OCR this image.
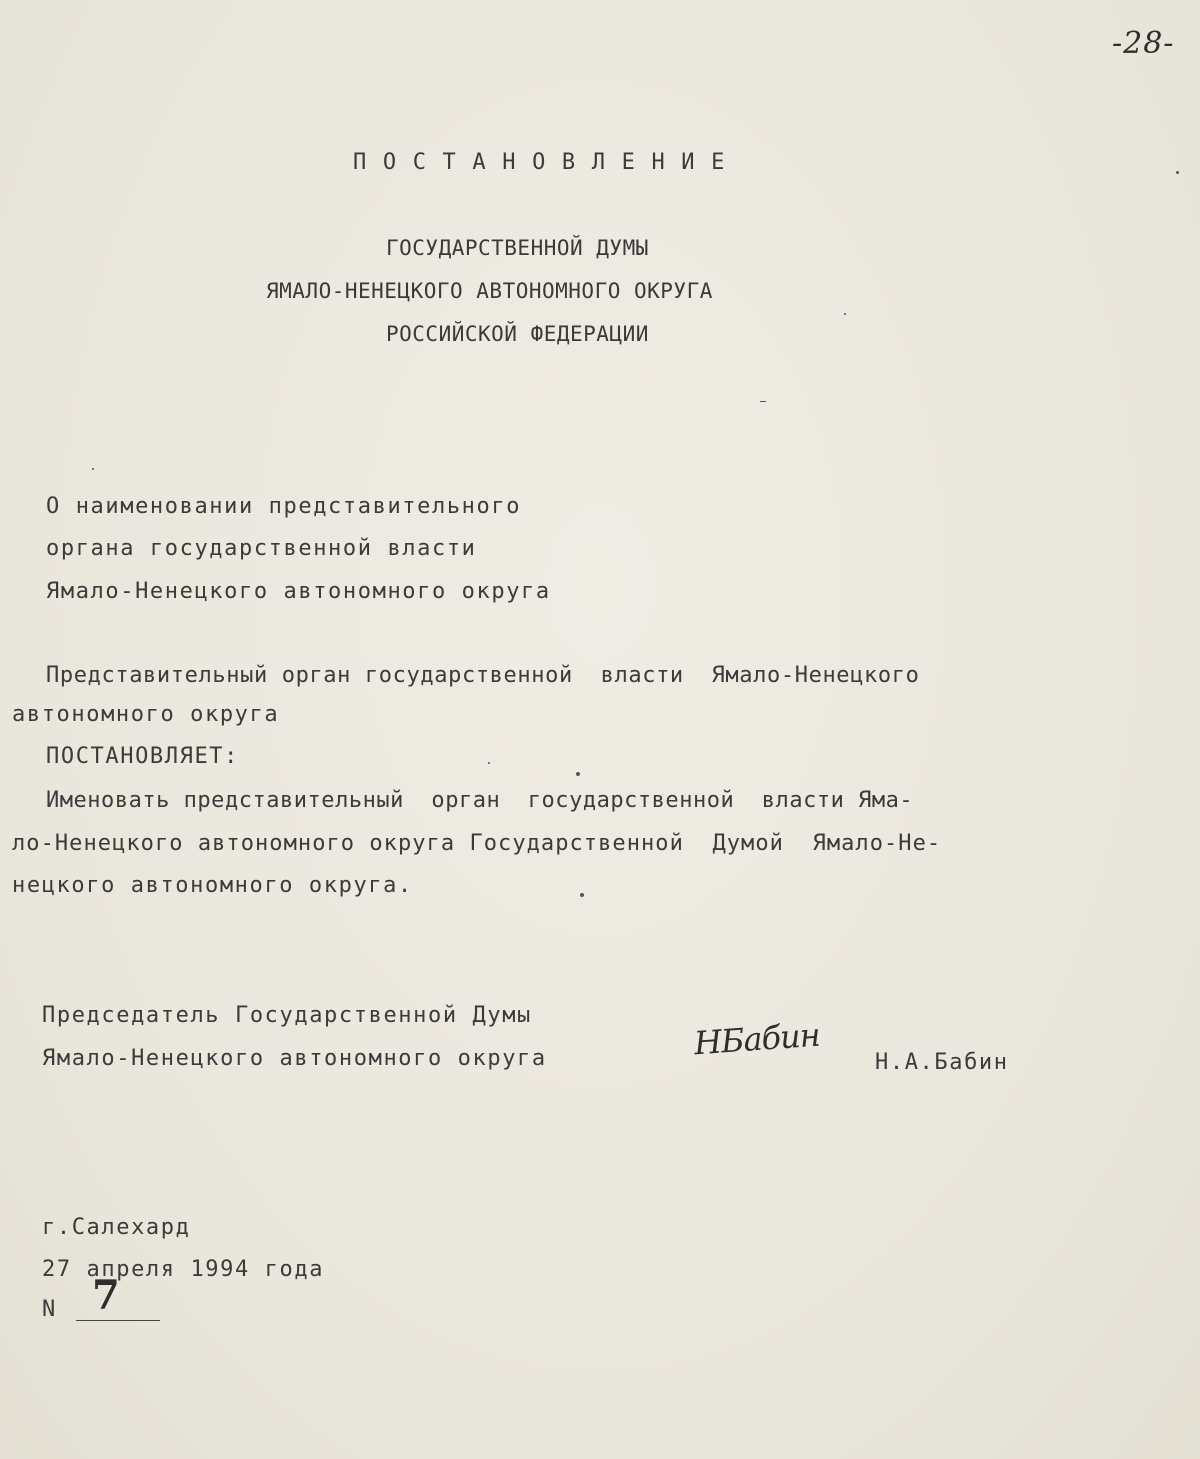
-28-
ПОСТАНОВЛЕНИЕ
ГОСУДАРСТВЕННОЙ ДУМЫ
ЯМАЛО-НЕНЕЦКОГО АВТОНОМНОГО ОКРУГА
РОССИЙСКОЙ ФЕДЕРАЦИИ
О наименовании представительного
органа государственной власти
Ямало-Ненецкого автономного округа
Представительный орган государственной  власти  Ямало-Ненецкого
автономного округа
ПОСТАНОВЛЯЕТ:
Именовать представительный  орган  государственной  власти Яма-
ло-Ненецкого автономного округа Государственной  Думой  Ямало-Не-
нецкого автономного округа.
Председатель Государственной Думы
Ямало-Ненецкого автономного округа	НБабин
Н.А.Бабин
г.Салехард
27 апреля 1994 года
N 7
